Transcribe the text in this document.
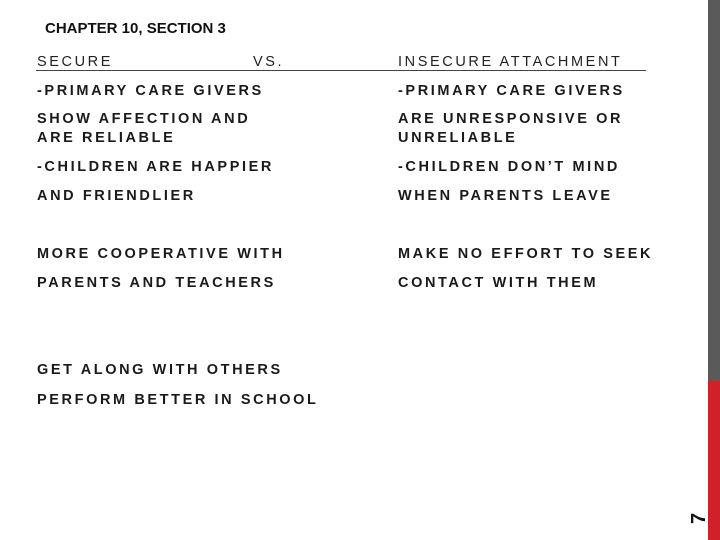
CHAPTER 10, SECTION 3
SECURE	VS.	INSECURE ATTACHMENT
-PRIMARY CARE GIVERS
SHOW AFFECTION AND
ARE RELIABLE
-CHILDREN ARE HAPPIER
AND FRIENDLIER
MORE COOPERATIVE WITH
PARENTS AND TEACHERS
GET ALONG WITH OTHERS
PERFORM BETTER IN SCHOOL
-PRIMARY CARE GIVERS
ARE UNRESPONSIVE OR
UNRELIABLE
-CHILDREN DON’T MIND
WHEN PARENTS LEAVE
MAKE NO EFFORT TO SEEK
CONTACT WITH THEM
7
